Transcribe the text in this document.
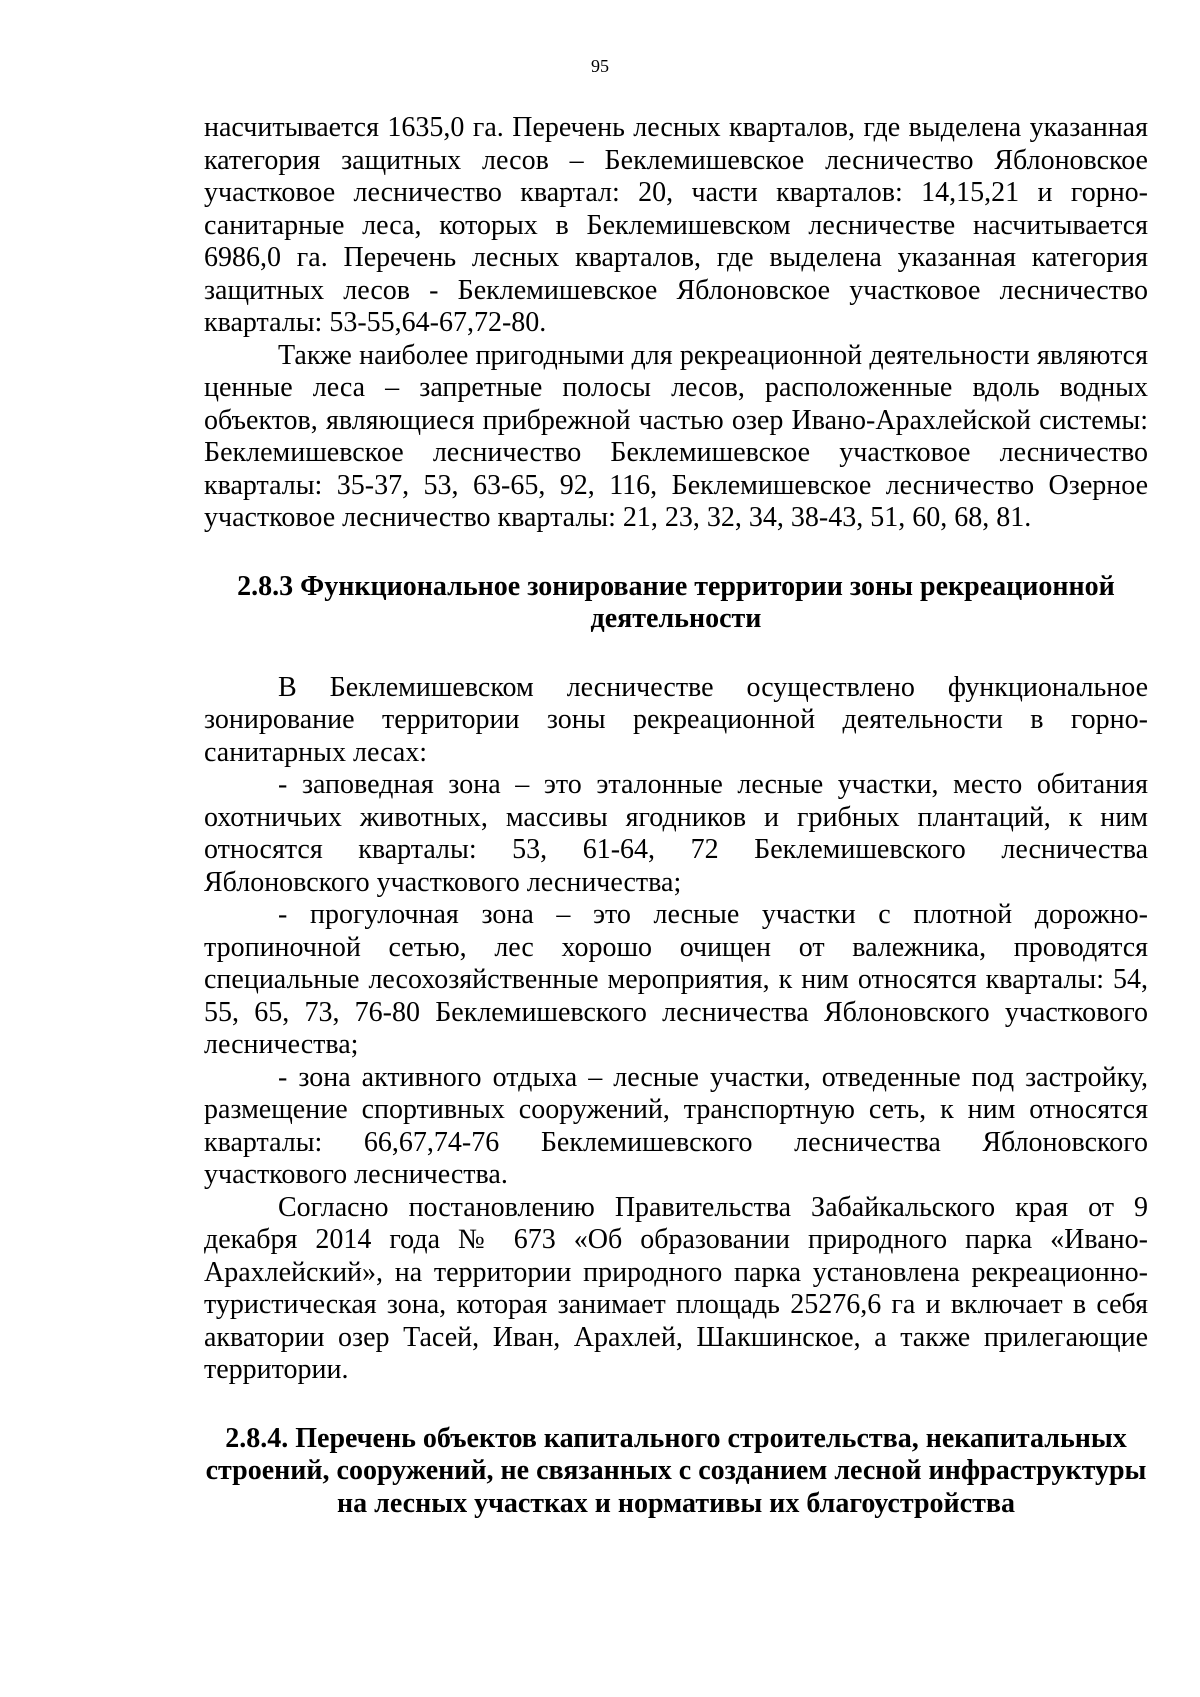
95

насчитывается 1635,0 га. Перечень лесных кварталов, где выделена указанная категория защитных лесов – Беклемишевское лесничество Яблоновское участковое лесничество квартал: 20, части кварталов: 14,15,21 и горно-санитарные леса, которых в Беклемишевском лесничестве насчитывается 6986,0 га. Перечень лесных кварталов, где выделена указанная категория защитных лесов - Беклемишевское Яблоновское участковое лесничество кварталы: 53-55,64-67,72-80.

Также наиболее пригодными для рекреационной деятельности являются ценные леса – запретные полосы лесов, расположенные вдоль водных объектов, являющиеся прибрежной частью озер Ивано-Арахлейской системы: Беклемишевское лесничество Беклемишевское участковое лесничество кварталы: 35-37, 53, 63-65, 92, 116, Беклемишевское лесничество Озерное участковое лесничество кварталы: 21, 23, 32, 34, 38-43, 51, 60, 68, 81.

2.8.3 Функциональное зонирование территории зоны рекреационной деятельности

В Беклемишевском лесничестве осуществлено функциональное зонирование территории зоны рекреационной деятельности в горно-санитарных лесах:

- заповедная зона – это эталонные лесные участки, место обитания охотничьих животных, массивы ягодников и грибных плантаций, к ним относятся кварталы: 53, 61-64, 72 Беклемишевского лесничества Яблоновского участкового лесничества;

- прогулочная зона – это лесные участки с плотной дорожно-тропиночной сетью, лес хорошо очищен от валежника, проводятся специальные лесохозяйственные мероприятия, к ним относятся кварталы: 54, 55, 65, 73, 76-80 Беклемишевского лесничества Яблоновского участкового лесничества;

- зона активного отдыха – лесные участки, отведенные под застройку, размещение спортивных сооружений, транспортную сеть, к ним относятся кварталы: 66,67,74-76 Беклемишевского лесничества Яблоновского участкового лесничества.

Согласно постановлению Правительства Забайкальского края от 9 декабря 2014 года № 673 «Об образовании природного парка «Ивано-Арахлейский», на территории природного парка установлена рекреационно-туристическая зона, которая занимает площадь 25276,6 га и включает в себя акватории озер Тасей, Иван, Арахлей, Шакшинское, а также прилегающие территории.

2.8.4. Перечень объектов капитального строительства, некапитальных строений, сооружений, не связанных с созданием лесной инфраструктуры на лесных участках и нормативы их благоустройства
